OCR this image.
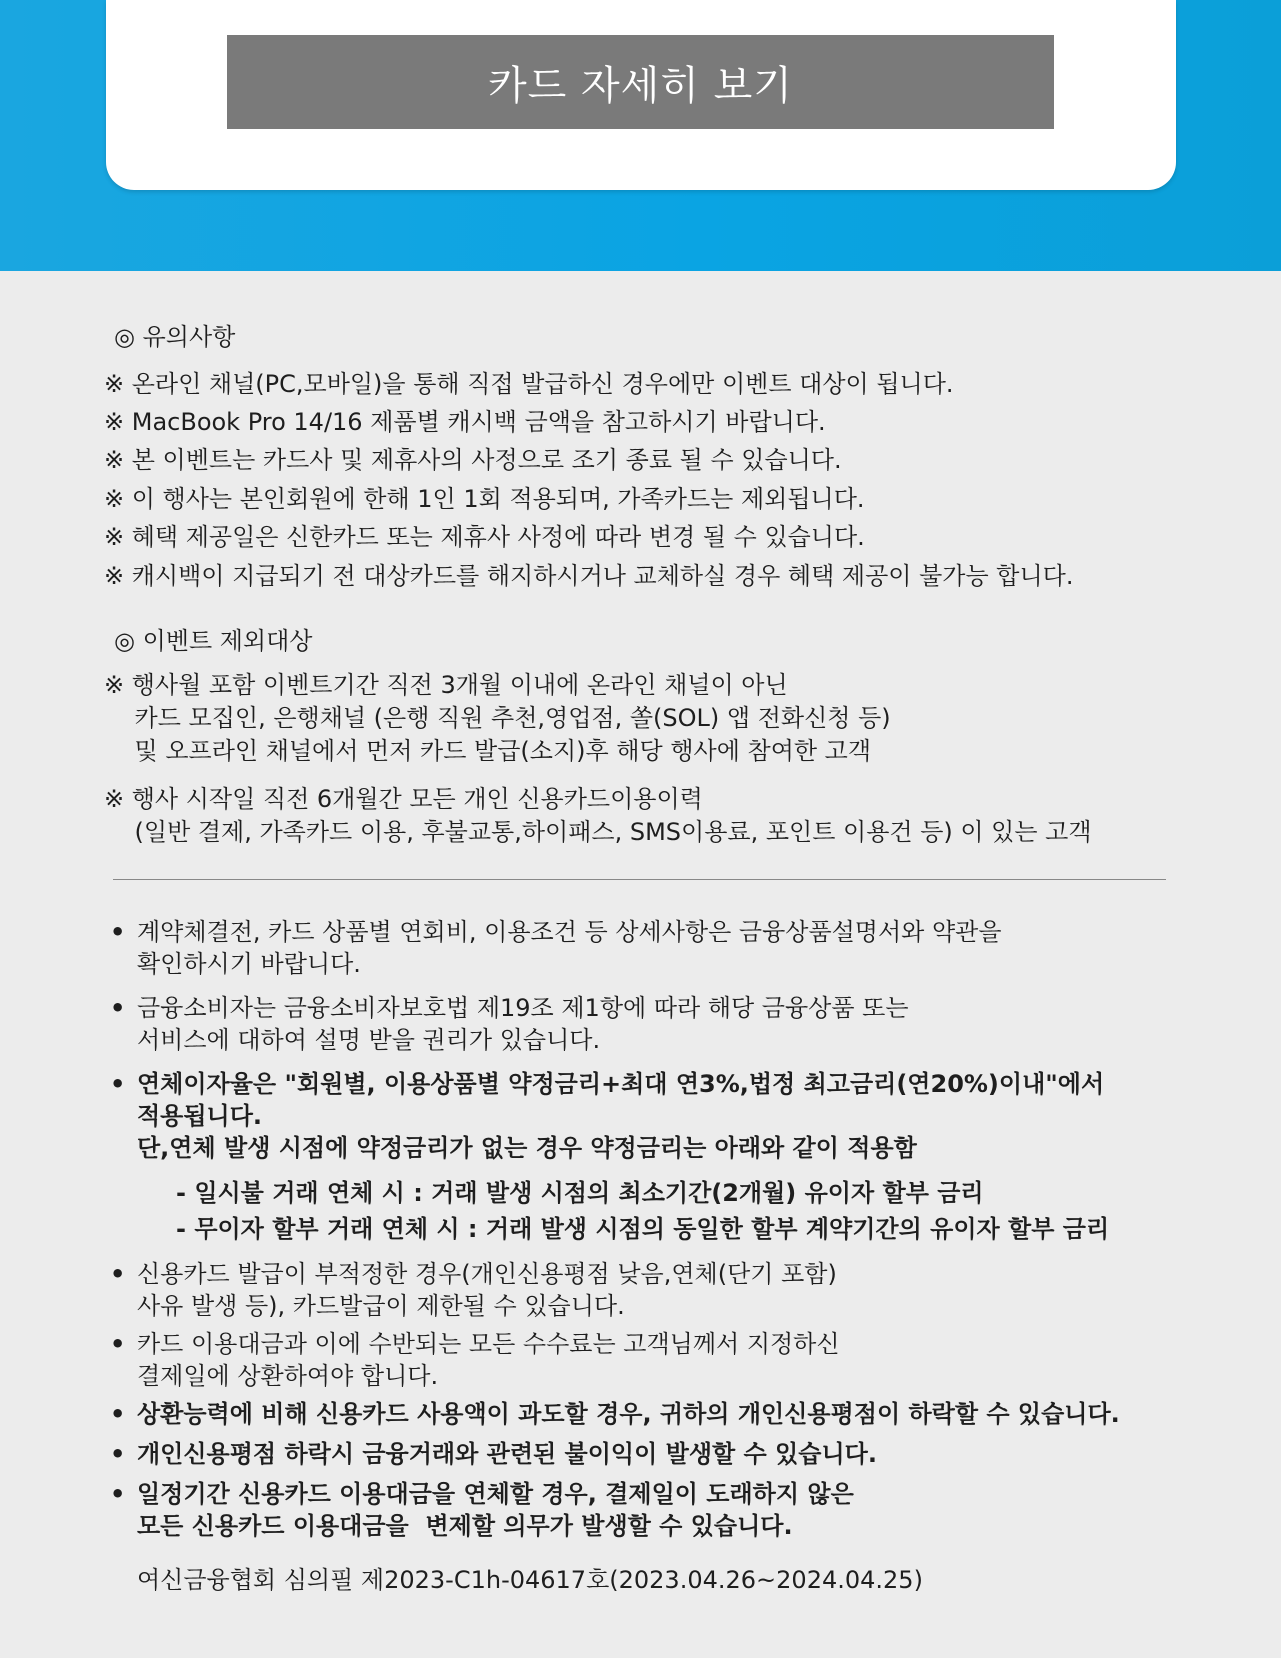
카드 자세히 보기
◎ 유의사항
※ 온라인 채널(PC,모바일)을 통해 직접 발급하신 경우에만 이벤트 대상이 됩니다.
※ MacBook Pro 14/16 제품별 캐시백 금액을 참고하시기 바랍니다.
※ 본 이벤트는 카드사 및 제휴사의 사정으로 조기 종료 될 수 있습니다.
※ 이 행사는 본인회원에 한해 1인 1회 적용되며, 가족카드는 제외됩니다.
※ 혜택 제공일은 신한카드 또는 제휴사 사정에 따라 변경 될 수 있습니다.
※ 캐시백이 지급되기 전 대상카드를 해지하시거나 교체하실 경우 혜택 제공이 불가능 합니다.
◎ 이벤트 제외대상
※ 행사월 포함 이벤트기간 직전 3개월 이내에 온라인 채널이 아닌
카드 모집인, 은행채널 (은행 직원 추천,영업점, 쏠(SOL) 앱 전화신청 등)
및 오프라인 채널에서 먼저 카드 발급(소지)후 해당 행사에 참여한 고객
※ 행사 시작일 직전 6개월간 모든 개인 신용카드이용이력
(일반 결제, 가족카드 이용, 후불교통,하이패스, SMS이용료, 포인트 이용건 등) 이 있는 고객
• 계약체결전, 카드 상품별 연회비, 이용조건 등 상세사항은 금융상품설명서와 약관을
확인하시기 바랍니다.
• 금융소비자는 금융소비자보호법 제19조 제1항에 따라 해당 금융상품 또는
서비스에 대하여 설명 받을 권리가 있습니다.
• 연체이자율은 "회원별, 이용상품별 약정금리+최대 연3%,법정 최고금리(연20%)이내"에서
적용됩니다.
단,연체 발생 시점에 약정금리가 없는 경우 약정금리는 아래와 같이 적용함
- 일시불 거래 연체 시 : 거래 발생 시점의 최소기간(2개월) 유이자 할부 금리
- 무이자 할부 거래 연체 시 : 거래 발생 시점의 동일한 할부 계약기간의 유이자 할부 금리
• 신용카드 발급이 부적정한 경우(개인신용평점 낮음,연체(단기 포함)
사유 발생 등), 카드발급이 제한될 수 있습니다.
• 카드 이용대금과 이에 수반되는 모든 수수료는 고객님께서 지정하신
결제일에 상환하여야 합니다.
• 상환능력에 비해 신용카드 사용액이 과도할 경우, 귀하의 개인신용평점이 하락할 수 있습니다.
• 개인신용평점 하락시 금융거래와 관련된 불이익이 발생할 수 있습니다.
• 일정기간 신용카드 이용대금을 연체할 경우, 결제일이 도래하지 않은
모든 신용카드 이용대금을  변제할 의무가 발생할 수 있습니다.
여신금융협회 심의필 제2023-C1h-04617호(2023.04.26~2024.04.25)
